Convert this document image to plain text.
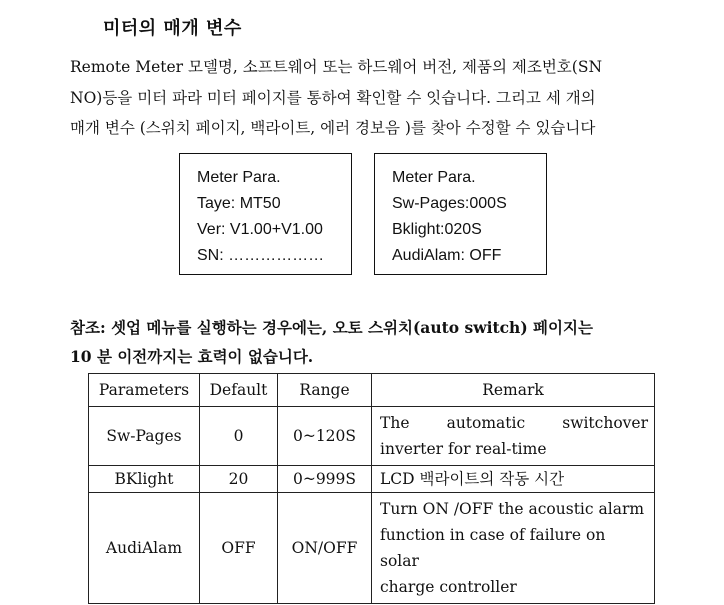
미터의 매개 변수
Remote Meter 모델명, 소프트웨어 또는 하드웨어 버전, 제품의 제조번호(SN
NO)등을 미터 파라 미터 페이지를 통하여 확인할 수 잇습니다. 그리고 세 개의
매개 변수 (스위치 페이지, 백라이트, 에러 경보음 )를 찾아 수정할 수 있습니다
Meter Para.
Taye: MT50
Ver: V1.00+V1.00
SN: ………………
Meter Para.
Sw-Pages:000S
Bklight:020S
AudiAlam: OFF
참조: 셋업 메뉴를 실행하는 경우에는, 오토 스위치(auto switch) 페이지는
10 분 이전까지는 효력이 없습니다.
Parameters	Default	Range	Remark
Sw-Pages	0	0~120S	The automatic switchover
inverter for real-time

BKlight	20	0~999S	LCD 백라이트의 작동 시간

AudiAlam	OFF	ON/OFF	Turn ON /OFF the acoustic alarm
function in case of failure on solar
charge controller
